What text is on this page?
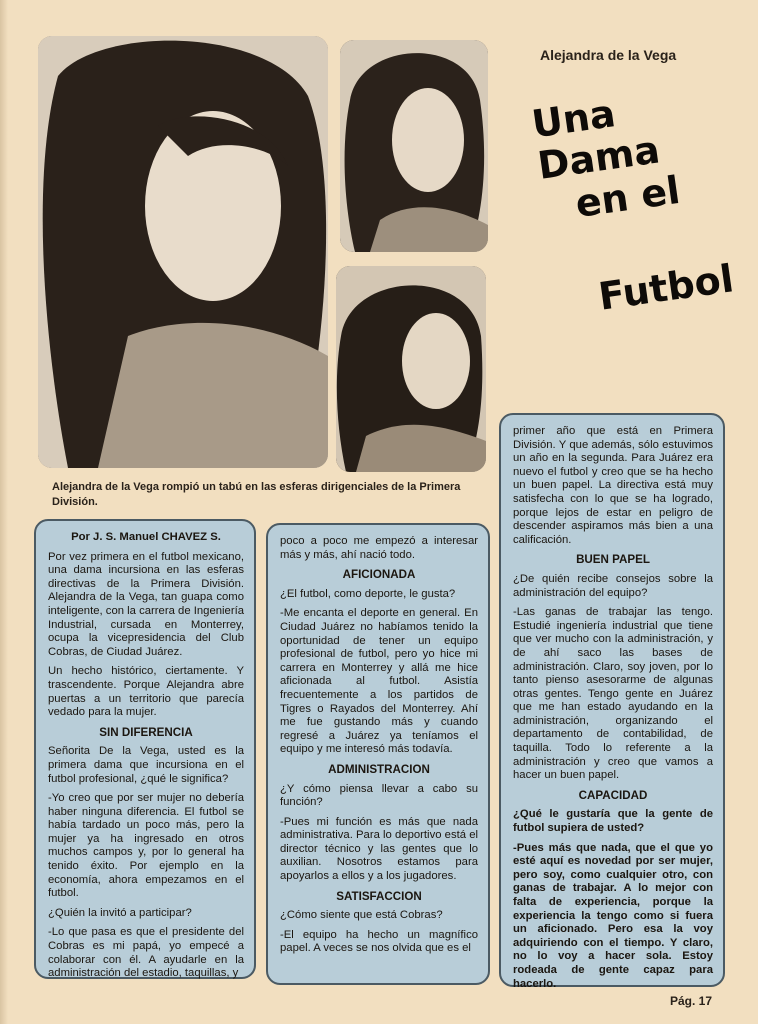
Alejandra de la Vega rompió un tabú en las esferas dirigenciales de la Primera División.
Alejandra de la Vega
Una Dama
en el
Futbol

Por J. S. Manuel CHAVEZ S.

Por vez primera en el futbol mexicano, una dama incursiona en las esferas directivas de la Primera División. Alejandra de la Vega, tan guapa como inteligente, con la carrera de Ingeniería Industrial, cursada en Monterrey, ocupa la vicepresidencia del Club Cobras, de Ciudad Juárez.

Un hecho histórico, ciertamente. Y trascendente. Porque Alejandra abre puertas a un territorio que parecía vedado para la mujer.

SIN DIFERENCIA

Señorita De la Vega, usted es la primera dama que incursiona en el futbol profesional, ¿qué le significa?

-Yo creo que por ser mujer no debería haber ninguna diferencia. El futbol se había tardado un poco más, pero la mujer ya ha ingresado en otros muchos campos y, por lo general ha tenido éxito. Por ejemplo en la economía, ahora empezamos en el futbol.

¿Quién la invitó a participar?

-Lo que pasa es que el presidente del Cobras es mi papá, yo empecé a colaborar con él. A ayudarle en la administración del estadio, taquillas, y

poco a poco me empezó a interesar más y más, ahí nació todo.

AFICIONADA

¿El futbol, como deporte, le gusta?

-Me encanta el deporte en general. En Ciudad Juárez no habíamos tenido la oportunidad de tener un equipo profesional de futbol, pero yo hice mi carrera en Monterrey y allá me hice aficionada al futbol. Asistía frecuentemente a los partidos de Tigres o Rayados del Monterrey. Ahí me fue gustando más y cuando regresé a Juárez ya teníamos el equipo y me interesó más todavía.

ADMINISTRACION

¿Y cómo piensa llevar a cabo su función?

-Pues mi función es más que nada administrativa. Para lo deportivo está el director técnico y las gentes que lo auxilian. Nosotros estamos para apoyarlos a ellos y a los jugadores.

SATISFACCION

¿Cómo siente que está Cobras?

-El equipo ha hecho un magnífico papel. A veces se nos olvida que es el

primer año que está en Primera División. Y que además, sólo estuvimos un año en la segunda. Para Juárez era nuevo el futbol y creo que se ha hecho un buen papel. La directiva está muy satisfecha con lo que se ha logrado, porque lejos de estar en peligro de descender aspiramos más bien a una calificación.

BUEN PAPEL

¿De quién recibe consejos sobre la administración del equipo?

-Las ganas de trabajar las tengo. Estudié ingeniería industrial que tiene que ver mucho con la administración, y de ahí saco las bases de administración. Claro, soy joven, por lo tanto pienso asesorarme de algunas otras gentes. Tengo gente en Juárez que me han estado ayudando en la administración, organizando el departamento de contabilidad, de taquilla. Todo lo referente a la administración y creo que vamos a hacer un buen papel.

CAPACIDAD

¿Qué le gustaría que la gente de futbol supiera de usted?

-Pues más que nada, que el que yo esté aquí es novedad por ser mujer, pero soy, como cualquier otro, con ganas de trabajar. A lo mejor con falta de experiencia, porque la experiencia la tengo como si fuera un aficionado. Pero esa la voy adquiriendo con el tiempo. Y claro, no lo voy a hacer sola. Estoy rodeada de gente capaz para hacerlo.

Pág. 17
